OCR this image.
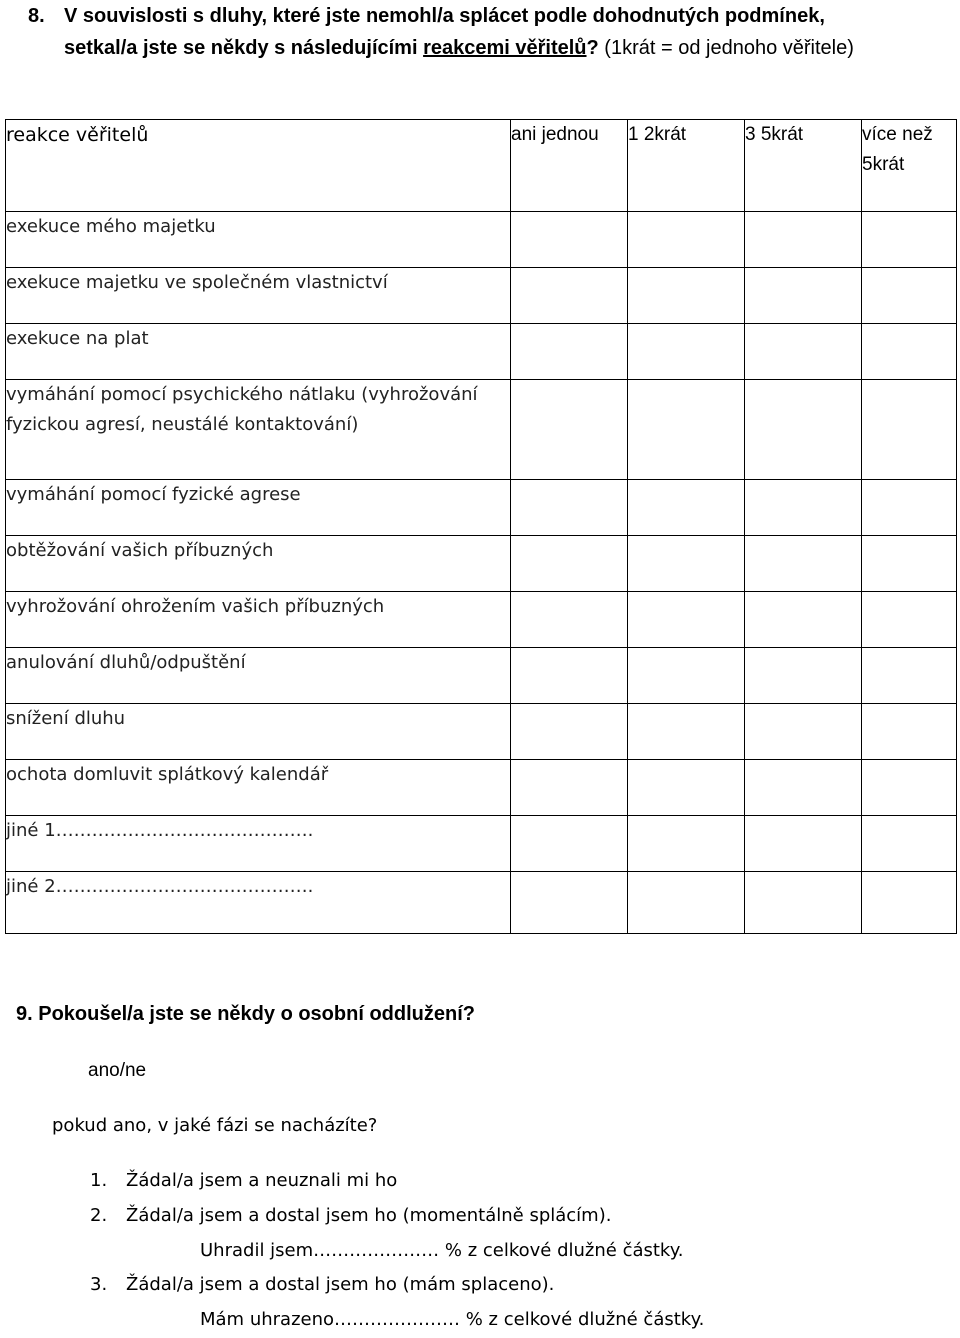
8. V souvislosti s dluhy, které jste nemohl/a splácet podle dohodnutých podmínek,
setkal/a jste se někdy s následujícími reakcemi věřitelů? (1krát = od jednoho věřitele)
reakce věřitelů	ani jednou	1 2krát	3 5krát	více než 5krát
exekuce mého majetku				
exekuce majetku ve společném vlastnictví				
exekuce na plat				
vymáhání pomocí psychického nátlaku (vyhrožování fyzickou agresí, neustálé kontaktování)				
vymáhání pomocí fyzické agrese				
obtěžování vašich příbuzných				
vyhrožování ohrožením vašich příbuzných				
anulování dluhů/odpuštění				
snížení dluhu				
ochota domluvit splátkový kalendář				
jiné 1…………………………………….				
jiné 2…………………………………….				
9. Pokoušel/a jste se někdy o osobní oddlužení?
ano/ne
pokud ano, v jaké fázi se nacházíte?
1. Žádal/a jsem a neuznali mi ho
2. Žádal/a jsem a dostal jsem ho (momentálně splácím).
Uhradil jsem………………… % z celkové dlužné částky.
3. Žádal/a jsem a dostal jsem ho (mám splaceno).
Mám uhrazeno………………… % z celkové dlužné částky.
